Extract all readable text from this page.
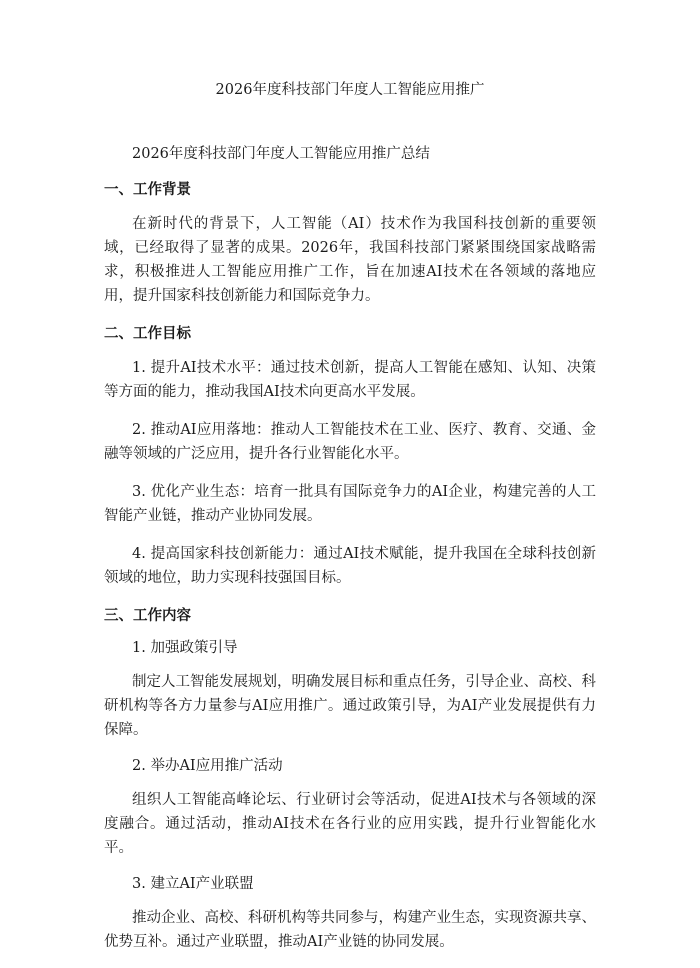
2026年度科技部门年度人工智能应用推广
2026年度科技部门年度人工智能应用推广总结
一、工作背景

在新时代的背景下，人工智能（AI）技术作为我国科技创新的重要领域，已经取得了显著的成果。2026年，我国科技部门紧紧围绕国家战略需求，积极推进人工智能应用推广工作，旨在加速AI技术在各领域的落地应用，提升国家科技创新能力和国际竞争力。

二、工作目标

1. 提升AI技术水平：通过技术创新，提高人工智能在感知、认知、决策等方面的能力，推动我国AI技术向更高水平发展。

2. 推动AI应用落地：推动人工智能技术在工业、医疗、教育、交通、金融等领域的广泛应用，提升各行业智能化水平。

3. 优化产业生态：培育一批具有国际竞争力的AI企业，构建完善的人工智能产业链，推动产业协同发展。

4. 提高国家科技创新能力：通过AI技术赋能，提升我国在全球科技创新领域的地位，助力实现科技强国目标。

三、工作内容
1. 加强政策引导

制定人工智能发展规划，明确发展目标和重点任务，引导企业、高校、科研机构等各方力量参与AI应用推广。通过政策引导，为AI产业发展提供有力保障。

2. 举办AI应用推广活动

组织人工智能高峰论坛、行业研讨会等活动，促进AI技术与各领域的深度融合。通过活动，推动AI技术在各行业的应用实践，提升行业智能化水平。

3. 建立AI产业联盟

推动企业、高校、科研机构等共同参与，构建产业生态，实现资源共享、优势互补。通过产业联盟，推动AI产业链的协同发展。
